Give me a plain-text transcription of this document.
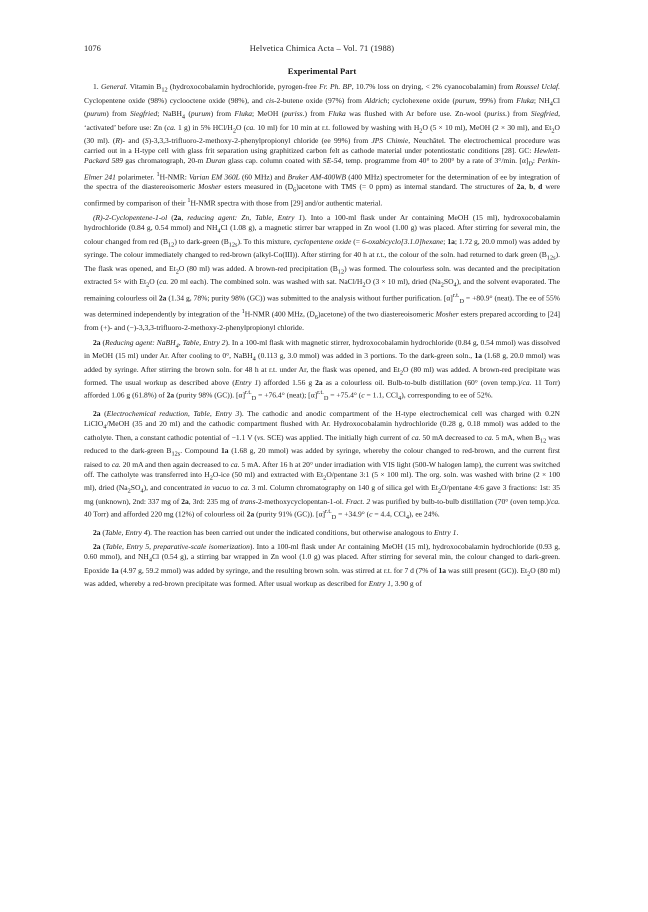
1076	Helvetica Chimica Acta – Vol. 71 (1988)
Experimental Part

1. General. Vitamin $B_{12}$ (hydroxocobalamin hydrochloride, pyrogen-free Fr. Ph. BP, 10.7% loss on drying, < 2% cyanocobalamin) from Roussel Uclaf. Cyclopentene oxide (98%) cyclooctene oxide (98%), and cis-2-butene oxide (97%) from Aldrich; cyclohexene oxide (purum, 99%) from Fluka; $NH_4Cl$ (purum) from Siegfried; NaBH$_4$ (purum) from Fluka; MeOH (puriss.) from Fluka was flushed with Ar before use. Zn-wool (puriss.) from Siegfried, ‘activated’ before use: Zn (ca. 1 g) in 5% HCl/$H_2O$ (ca. 10 ml) for 10 min at r.t. followed by washing with $H_2O$ (5 × 10 ml), MeOH (2 × 30 ml), and $Et_2O$ (30 ml). (R)- and (S)-3,3,3-trifluoro-2-methoxy-2-phenylpropionyl chloride (ee 99%) from JPS Chimie, Neuchâtel. The electrochemical procedure was carried out in a H-type cell with glass frit separation using graphitized carbon felt as cathode material under potentiostatic conditions [28]. GC: Hewlett-Packard 589 gas chromatograph, 20-m Duran glass cap. column coated with SE-54, temp. programme from 40° to 200° by a rate of 3°/min. $[\alpha]_D$: Perkin-Elmer 241 polarimeter. $^1$H-NMR: Varian EM 360L (60 MHz) and Bruker AM-400WB (400 MHz) spectrometer for the determination of ee by integration of the spectra of the diastereoisomeric Mosher esters measured in $(D_6)acetone$ with TMS (= 0 ppm) as internal standard. The structures of 2a, b, d were confirmed by comparison of their $^1$H-NMR spectra with those from [29] and/or authentic material.

(R)-2-Cyclopentene-1-ol (2a, reducing agent: Zn, Table, Entry 1). Into a 100-ml flask under Ar containing MeOH (15 ml), hydroxocobalamin hydrochloride (0.84 g, 0.54 mmol) and $NH_4Cl$ (1.08 g), a magnetic stirrer bar wrapped in Zn wool (1.00 g) was placed. After stirring for several min, the colour changed from red $(B_{12})$ to dark-green $(B_{12s})$. To this mixture, cyclopentene oxide (= 6-oxabicyclo[3.1.0]hexane; 1a; 1.72 g, 20.0 mmol) was added by syringe. The colour immediately changed to red-brown (alkyl-Co(III)). After stirring for 40 h at r.t., the colour of the soln. had returned to dark green $(B_{12s})$. The flask was opened, and $Et_2O$ (80 ml) was added. A brown-red precipitation $(B_{12})$ was formed. The colourless soln. was decanted and the precipitation extracted 5× with $Et_2O$ (ca. 20 ml each). The combined soln. was washed with sat. NaCl/$H_2O$ (3 × 10 ml), dried $(Na_2SO_4)$, and the solvent evaporated. The remaining colourless oil 2a (1.34 g, 78%; purity 98% (GC)) was submitted to the analysis without further purification. $[\alpha]^{r.t.}_D = +80.9^\circ$ (neat). The ee of 55% was determined independently by integration of the $^1$H-NMR (400 MHz, $(D_6)acetone$) of the two diastereoisomeric Mosher esters prepared according to [24] from (+)- and (−)-3,3,3-trifluoro-2-methoxy-2-phenylpropionyl chloride.

2a (Reducing agent: NaBH$_4$, Table, Entry 2). In a 100-ml flask with magnetic stirrer, hydroxocobalamin hydrochloride (0.84 g, 0.54 mmol) was dissolved in MeOH (15 ml) under Ar. After cooling to 0°, NaBH$_4$ (0.113 g, 3.0 mmol) was added in 3 portions. To the dark-green soln., 1a (1.68 g, 20.0 mmol) was added by syringe. After stirring the brown soln. for 48 h at r.t. under Ar, the flask was opened, and $Et_2O$ (80 ml) was added. A brown-red precipitate was formed. The usual workup as described above (Entry 1) afforded 1.56 g 2a as a colourless oil. Bulb-to-bulb distillation (60° (oven temp.)/ca. 11 Torr) afforded 1.06 g (61.8%) of 2a (purity 98% (GC)). $[\alpha]^{r.t.}_D = +76.4^\circ$ (neat); $[\alpha]^{r.t.}_D = +75.4^\circ$ (c = 1.1, CCl$_4$), corresponding to ee of 52%.

2a (Electrochemical reduction, Table, Entry 3). The cathodic and anodic compartment of the H-type electrochemical cell was charged with 0.2N LiClO$_4$/MeOH (35 and 20 ml) and the cathodic compartment flushed with Ar. Hydroxocobalamin hydrochloride (0.28 g, 0.18 mmol) was added to the catholyte. Then, a constant cathodic potential of −1.1 V (vs. SCE) was applied. The initially high current of ca. 50 mA decreased to ca. 5 mA, when $B_{12}$ was reduced to the dark-green $B_{12s}$. Compound 1a (1.68 g, 20 mmol) was added by syringe, whereby the colour changed to red-brown, and the current first raised to ca. 20 mA and then again decreased to ca. 5 mA. After 16 h at 20° under irradiation with VIS light (500-W halogen lamp), the current was switched off. The catholyte was transferred into $H_2O$-ice (50 ml) and extracted with $Et_2O$/pentane 3:1 (5 × 100 ml). The org. soln. was washed with brine (2 × 100 ml), dried $(Na_2SO_4)$, and concentrated in vacuo to ca. 3 ml. Column chromatography on 140 g of silica gel with $Et_2O$/pentane 4:6 gave 3 fractions: 1st: 35 mg (unknown), 2nd: 337 mg of 2a, 3rd: 235 mg of trans-2-methoxycyclopentan-1-ol. Fract. 2 was purified by bulb-to-bulb distillation (70° (oven temp.)/ca. 40 Torr) and afforded 220 mg (12%) of colourless oil 2a (purity 91% (GC)). $[\alpha]^{r.t.}_D = +34.9^\circ$ (c = 4.4, CCl$_4$), ee 24%.

2a (Table, Entry 4). The reaction has been carried out under the indicated conditions, but otherwise analogous to Entry 1.

2a (Table, Entry 5, preparative-scale isomerization). Into a 100-ml flask under Ar containing MeOH (15 ml), hydroxocobalamin hydrochloride (0.93 g, 0.60 mmol), and $NH_4Cl$ (0.54 g), a stirring bar wrapped in Zn wool (1.0 g) was placed. After stirring for several min, the colour changed to dark-green. Epoxide 1a (4.97 g, 59.2 mmol) was added by syringe, and the resulting brown soln. was stirred at r.t. for 7 d (7% of 1a was still present (GC)). $Et_2O$ (80 ml) was added, whereby a red-brown precipitate was formed. After usual workup as described for Entry 1, 3.90 g of
